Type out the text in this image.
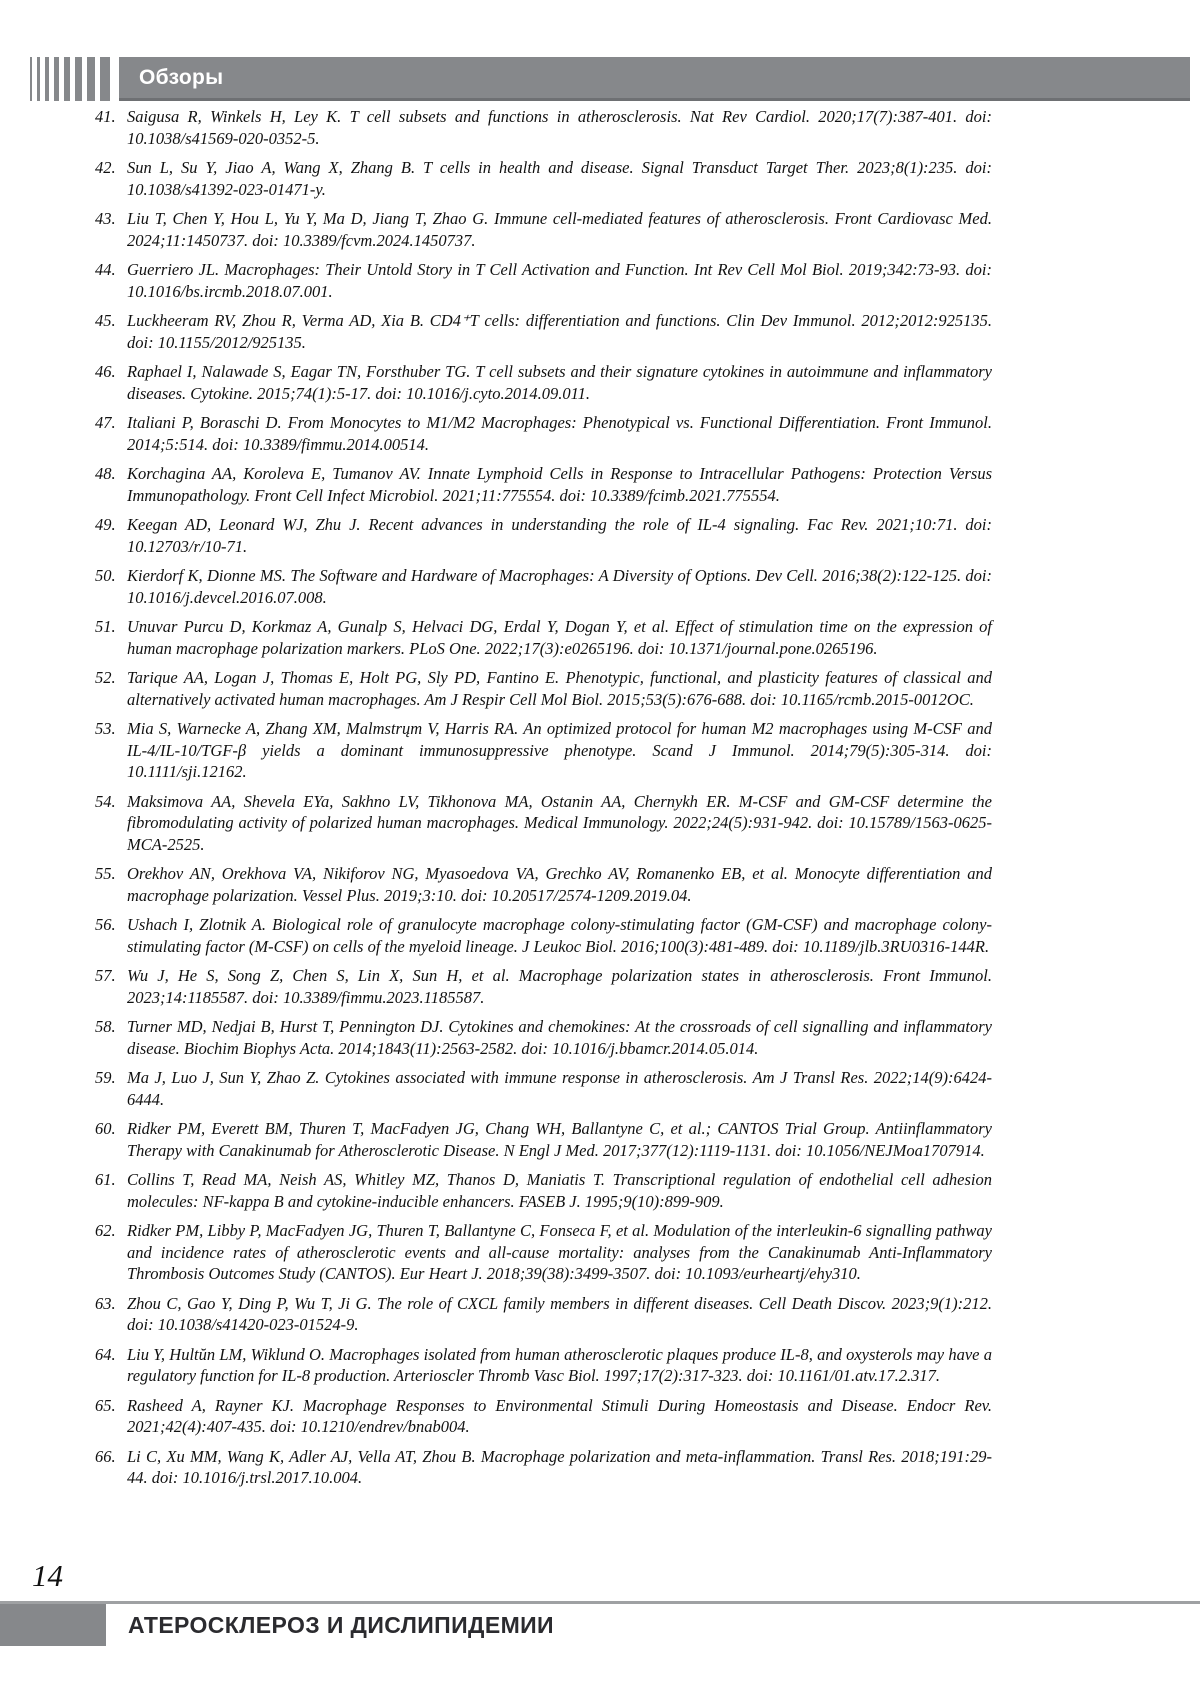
Обзоры
41. Saigusa R, Winkels H, Ley K. T cell subsets and functions in atherosclerosis. Nat Rev Cardiol. 2020;17(7):387-401. doi: 10.1038/s41569-020-0352-5.
42. Sun L, Su Y, Jiao A, Wang X, Zhang B. T cells in health and disease. Signal Transduct Target Ther. 2023;8(1):235. doi: 10.1038/s41392-023-01471-y.
43. Liu T, Chen Y, Hou L, Yu Y, Ma D, Jiang T, Zhao G. Immune cell-mediated features of atherosclerosis. Front Cardiovasc Med. 2024;11:1450737. doi: 10.3389/fcvm.2024.1450737.
44. Guerriero JL. Macrophages: Their Untold Story in T Cell Activation and Function. Int Rev Cell Mol Biol. 2019;342:73-93. doi: 10.1016/bs.ircmb.2018.07.001.
45. Luckheeram RV, Zhou R, Verma AD, Xia B. CD4⁺T cells: differentiation and functions. Clin Dev Immunol. 2012;2012:925135. doi: 10.1155/2012/925135.
46. Raphael I, Nalawade S, Eagar TN, Forsthuber TG. T cell subsets and their signature cytokines in autoimmune and inflammatory diseases. Cytokine. 2015;74(1):5-17. doi: 10.1016/j.cyto.2014.09.011.
47. Italiani P, Boraschi D. From Monocytes to M1/M2 Macrophages: Phenotypical vs. Functional Differentiation. Front Immunol. 2014;5:514. doi: 10.3389/fimmu.2014.00514.
48. Korchagina AA, Koroleva E, Tumanov AV. Innate Lymphoid Cells in Response to Intracellular Pathogens: Protection Versus Immunopathology. Front Cell Infect Microbiol. 2021;11:775554. doi: 10.3389/fcimb.2021.775554.
49. Keegan AD, Leonard WJ, Zhu J. Recent advances in understanding the role of IL-4 signaling. Fac Rev. 2021;10:71. doi: 10.12703/r/10-71.
50. Kierdorf K, Dionne MS. The Software and Hardware of Macrophages: A Diversity of Options. Dev Cell. 2016;38(2):122-125. doi: 10.1016/j.devcel.2016.07.008.
51. Unuvar Purcu D, Korkmaz A, Gunalp S, Helvaci DG, Erdal Y, Dogan Y, et al. Effect of stimulation time on the expression of human macrophage polarization markers. PLoS One. 2022;17(3):e0265196. doi: 10.1371/journal.pone.0265196.
52. Tarique AA, Logan J, Thomas E, Holt PG, Sly PD, Fantino E. Phenotypic, functional, and plasticity features of classical and alternatively activated human macrophages. Am J Respir Cell Mol Biol. 2015;53(5):676-688. doi: 10.1165/rcmb.2015-0012OC.
53. Mia S, Warnecke A, Zhang XM, Malmstrųm V, Harris RA. An optimized protocol for human M2 macrophages using M-CSF and IL-4/IL-10/TGF-β yields a dominant immunosuppressive phenotype. Scand J Immunol. 2014;79(5):305-314. doi: 10.1111/sji.12162.
54. Maksimova AA, Shevela EYa, Sakhno LV, Tikhonova MA, Ostanin AA, Chernykh ER. M-CSF and GM-CSF determine the fibromodulating activity of polarized human macrophages. Medical Immunology. 2022;24(5):931-942. doi: 10.15789/1563-0625-MCA-2525.
55. Orekhov AN, Orekhova VA, Nikiforov NG, Myasoedova VA, Grechko AV, Romanenko EB, et al. Monocyte differentiation and macrophage polarization. Vessel Plus. 2019;3:10. doi: 10.20517/2574-1209.2019.04.
56. Ushach I, Zlotnik A. Biological role of granulocyte macrophage colony-stimulating factor (GM-CSF) and macrophage colony-stimulating factor (M-CSF) on cells of the myeloid lineage. J Leukoc Biol. 2016;100(3):481-489. doi: 10.1189/jlb.3RU0316-144R.
57. Wu J, He S, Song Z, Chen S, Lin X, Sun H, et al. Macrophage polarization states in atherosclerosis. Front Immunol. 2023;14:1185587. doi: 10.3389/fimmu.2023.1185587.
58. Turner MD, Nedjai B, Hurst T, Pennington DJ. Cytokines and chemokines: At the crossroads of cell signalling and inflammatory disease. Biochim Biophys Acta. 2014;1843(11):2563-2582. doi: 10.1016/j.bbamcr.2014.05.014.
59. Ma J, Luo J, Sun Y, Zhao Z. Cytokines associated with immune response in atherosclerosis. Am J Transl Res. 2022;14(9):6424-6444.
60. Ridker PM, Everett BM, Thuren T, MacFadyen JG, Chang WH, Ballantyne C, et al.; CANTOS Trial Group. Antiinflammatory Therapy with Canakinumab for Atherosclerotic Disease. N Engl J Med. 2017;377(12):1119-1131. doi: 10.1056/NEJMoa1707914.
61. Collins T, Read MA, Neish AS, Whitley MZ, Thanos D, Maniatis T. Transcriptional regulation of endothelial cell adhesion molecules: NF-kappa B and cytokine-inducible enhancers. FASEB J. 1995;9(10):899-909.
62. Ridker PM, Libby P, MacFadyen JG, Thuren T, Ballantyne C, Fonseca F, et al. Modulation of the interleukin-6 signalling pathway and incidence rates of atherosclerotic events and all-cause mortality: analyses from the Canakinumab Anti-Inflammatory Thrombosis Outcomes Study (CANTOS). Eur Heart J. 2018;39(38):3499-3507. doi: 10.1093/eurheartj/ehy310.
63. Zhou C, Gao Y, Ding P, Wu T, Ji G. The role of CXCL family members in different diseases. Cell Death Discov. 2023;9(1):212. doi: 10.1038/s41420-023-01524-9.
64. Liu Y, Hultŭn LM, Wiklund O. Macrophages isolated from human atherosclerotic plaques produce IL-8, and oxysterols may have a regulatory function for IL-8 production. Arterioscler Thromb Vasc Biol. 1997;17(2):317-323. doi: 10.1161/01.atv.17.2.317.
65. Rasheed A, Rayner KJ. Macrophage Responses to Environmental Stimuli During Homeostasis and Disease. Endocr Rev. 2021;42(4):407-435. doi: 10.1210/endrev/bnab004.
66. Li C, Xu MM, Wang K, Adler AJ, Vella AT, Zhou B. Macrophage polarization and meta-inflammation. Transl Res. 2018;191:29-44. doi: 10.1016/j.trsl.2017.10.004.
14
АТЕРОСКЛЕРОЗ И ДИСЛИПИДЕМИИ
